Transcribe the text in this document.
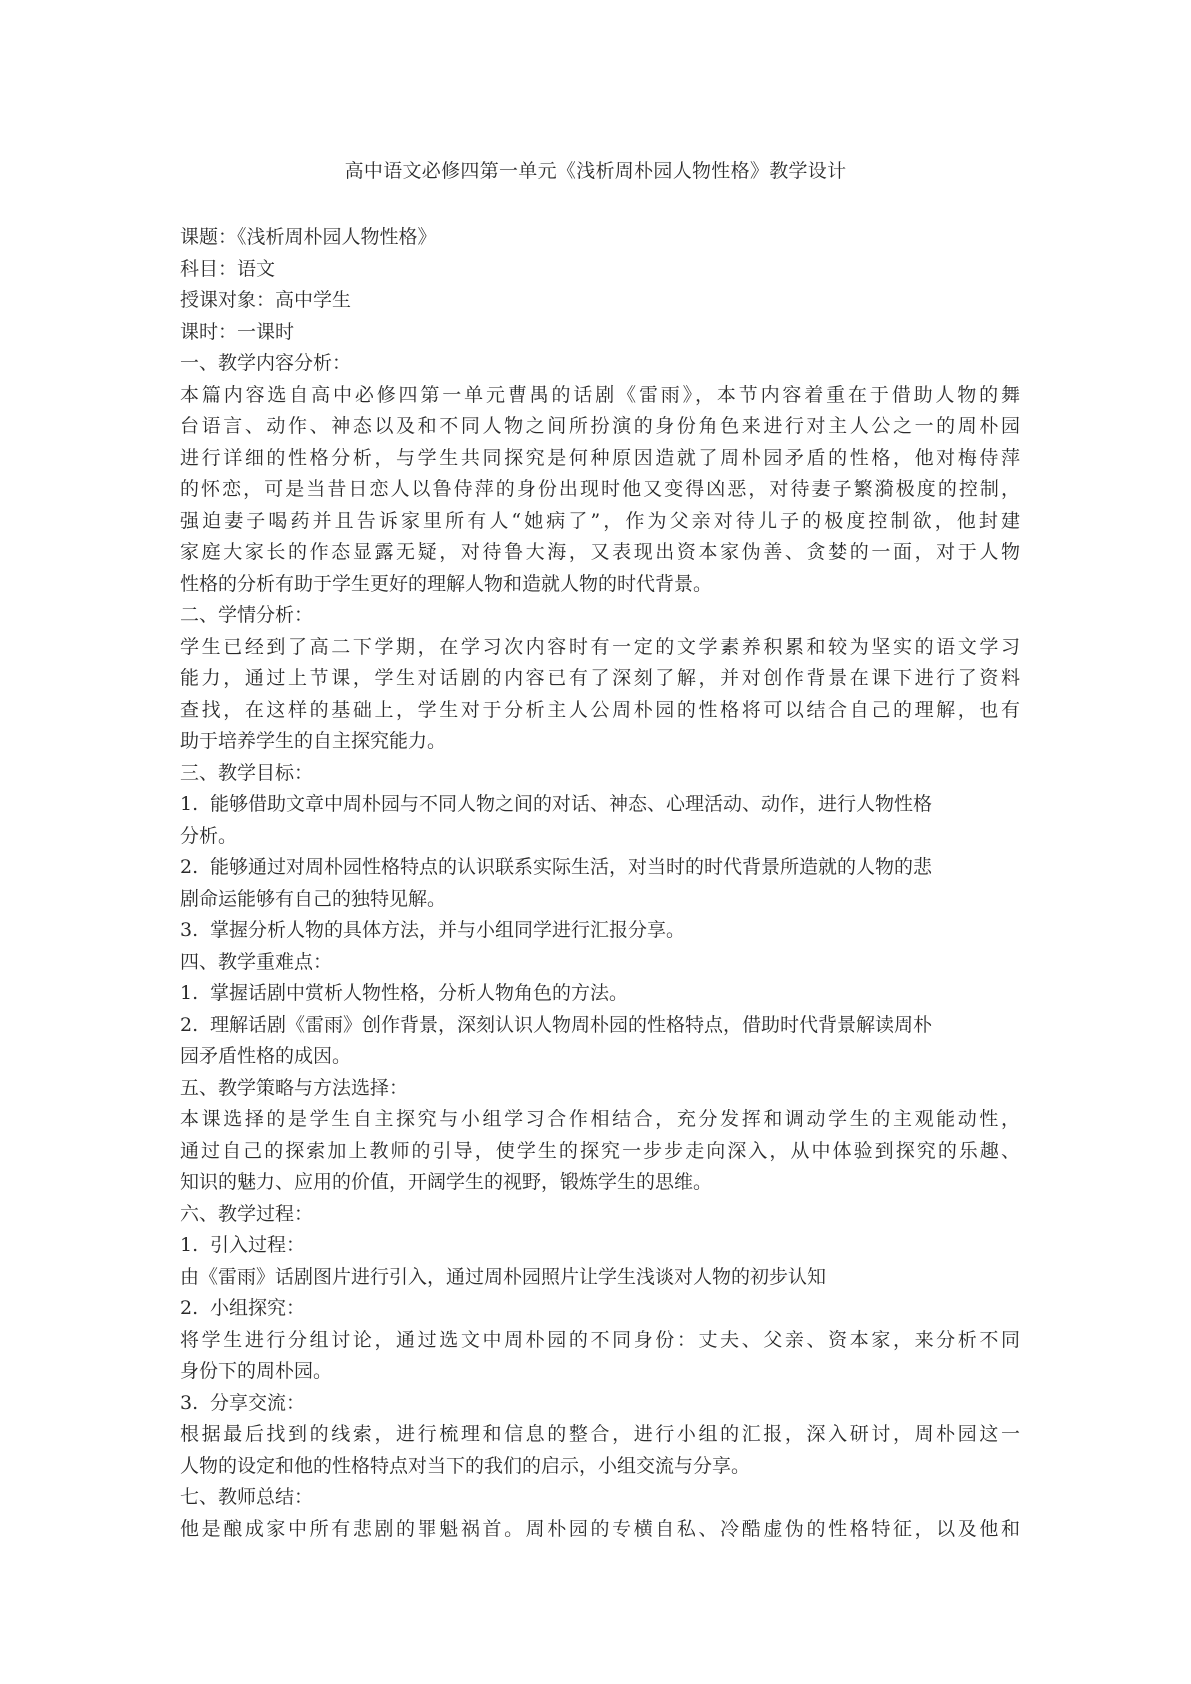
高中语文必修四第一单元《浅析周朴园人物性格》教学设计
课题：《浅析周朴园人物性格》
科目：语文
授课对象：高中学生
课时：一课时
一、教学内容分析：
本篇内容选自高中必修四第一单元曹禺的话剧《雷雨》，本节内容着重在于借助人物的舞
台语言、动作、神态以及和不同人物之间所扮演的身份角色来进行对主人公之一的周朴园
进行详细的性格分析，与学生共同探究是何种原因造就了周朴园矛盾的性格，他对梅侍萍
的怀恋，可是当昔日恋人以鲁侍萍的身份出现时他又变得凶恶，对待妻子繁漪极度的控制，
强迫妻子喝药并且告诉家里所有人“她病了”，作为父亲对待儿子的极度控制欲，他封建
家庭大家长的作态显露无疑，对待鲁大海，又表现出资本家伪善、贪婪的一面，对于人物
性格的分析有助于学生更好的理解人物和造就人物的时代背景。
二、学情分析：
学生已经到了高二下学期，在学习次内容时有一定的文学素养积累和较为坚实的语文学习
能力，通过上节课，学生对话剧的内容已有了深刻了解，并对创作背景在课下进行了资料
查找，在这样的基础上，学生对于分析主人公周朴园的性格将可以结合自己的理解，也有
助于培养学生的自主探究能力。
三、教学目标：
1. 能够借助文章中周朴园与不同人物之间的对话、神态、心理活动、动作，进行人物性格
分析。
2. 能够通过对周朴园性格特点的认识联系实际生活，对当时的时代背景所造就的人物的悲
剧命运能够有自己的独特见解。
3. 掌握分析人物的具体方法，并与小组同学进行汇报分享。
四、教学重难点：
1. 掌握话剧中赏析人物性格，分析人物角色的方法。
2. 理解话剧《雷雨》创作背景，深刻认识人物周朴园的性格特点，借助时代背景解读周朴
园矛盾性格的成因。
五、教学策略与方法选择：
本课选择的是学生自主探究与小组学习合作相结合，充分发挥和调动学生的主观能动性，
通过自己的探索加上教师的引导，使学生的探究一步步走向深入，从中体验到探究的乐趣、
知识的魅力、应用的价值，开阔学生的视野，锻炼学生的思维。
六、教学过程：
1. 引入过程：
由《雷雨》话剧图片进行引入，通过周朴园照片让学生浅谈对人物的初步认知
2. 小组探究：
将学生进行分组讨论，通过选文中周朴园的不同身份：丈夫、父亲、资本家，来分析不同
身份下的周朴园。
3. 分享交流：
根据最后找到的线索，进行梳理和信息的整合，进行小组的汇报，深入研讨，周朴园这一
人物的设定和他的性格特点对当下的我们的启示，小组交流与分享。
七、教师总结：
他是酿成家中所有悲剧的罪魁祸首。周朴园的专横自私、冷酷虚伪的性格特征，以及他和
